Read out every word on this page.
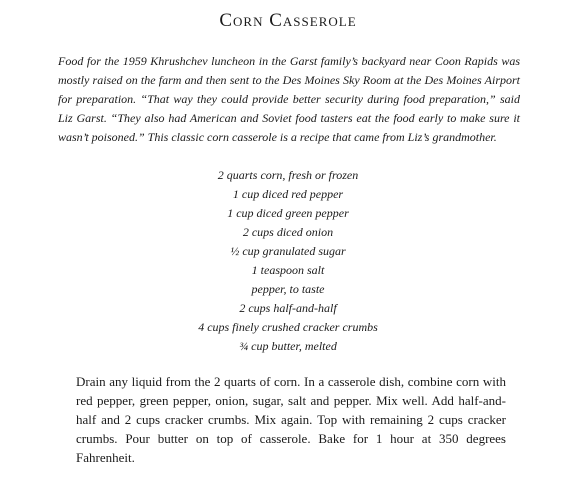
Corn Casserole

Food for the 1959 Khrushchev luncheon in the Garst family’s backyard near Coon Rapids was mostly raised on the farm and then sent to the Des Moines Sky Room at the Des Moines Airport for preparation. “That way they could provide better security during food preparation,” said Liz Garst. “They also had American and Soviet food tasters eat the food early to make sure it wasn’t poisoned.” This classic corn casserole is a recipe that came from Liz’s grandmother.

2 quarts corn, fresh or frozen
1 cup diced red pepper
1 cup diced green pepper
2 cups diced onion
½ cup granulated sugar
1 teaspoon salt
pepper, to taste
2 cups half-and-half
4 cups finely crushed cracker crumbs
¾ cup butter, melted

Drain any liquid from the 2 quarts of corn. In a casserole dish, combine corn with red pepper, green pepper, onion, sugar, salt and pepper. Mix well. Add half-and-half and 2 cups cracker crumbs. Mix again. Top with remaining 2 cups cracker crumbs. Pour butter on top of casserole. Bake for 1 hour at 350 degrees Fahrenheit.
